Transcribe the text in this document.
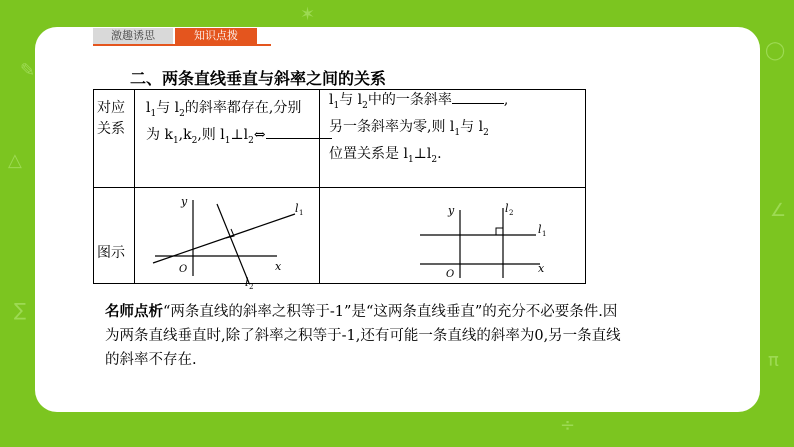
✎
△
∑
◯
∠
π
✶
÷
激趣诱思	知识点拨
二、两条直线垂直与斜率之间的关系
对应
关系
$l_1$与 $l_2$的斜率都存在,分别
为 $k_1,k_2$,则 $l_1\perp l_2\Leftrightarrow$
$l_1$与 $l_2$中的一条斜率	,
另一条斜率为零,则 $l_1$与 $l_2$
位置关系是 $l_1\perp l_2$.
图示
y
x
O
l 1
l 2
y
x
O
l 1
l 2
名师点析“两条直线的斜率之积等于-1”是“这两条直线垂直”的充分不必要条件.因为两条直线垂直时,除了斜率之积等于-1,还有可能一条直线的斜率为0,另一条直线的斜率不存在.
